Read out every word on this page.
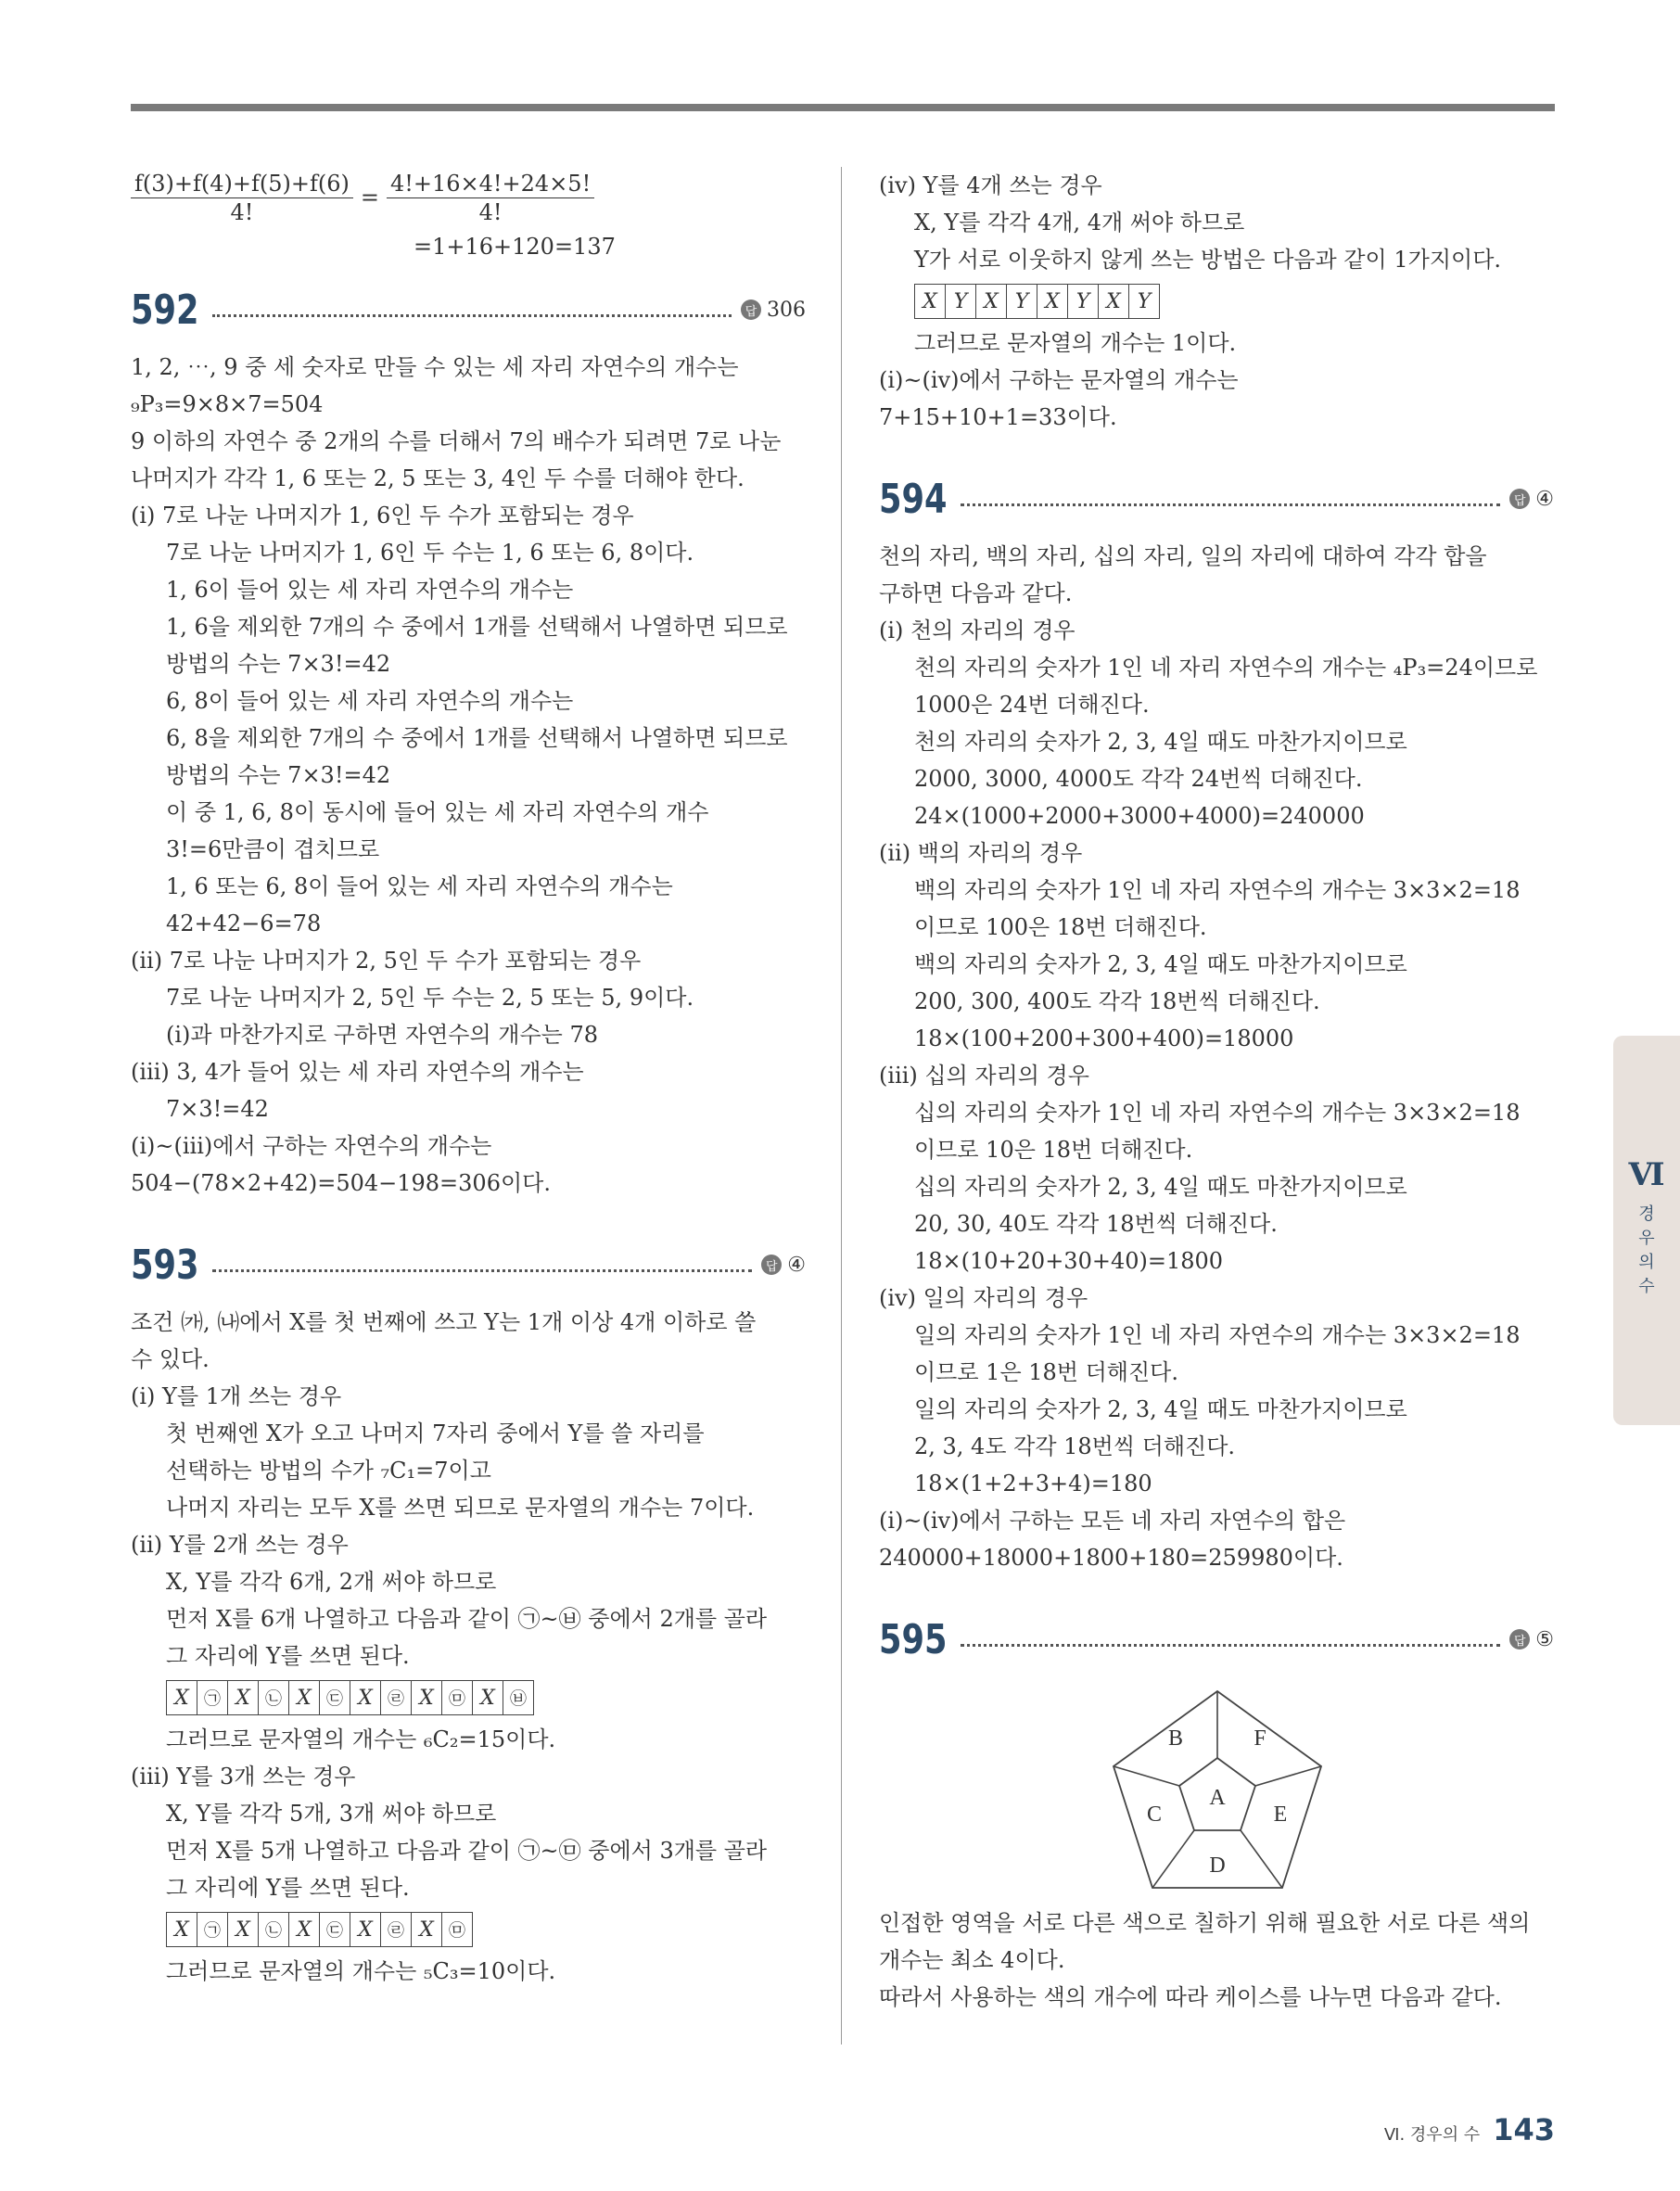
$\frac{f(3)+f(4)+f(5)+f(6)}{4!} = \frac{4!+16\times 4!+24\times 5!}{4!}$
=1+16+120=137
592	답 306
1, 2, ⋯, 9 중 세 숫자로 만들 수 있는 세 자리 자연수의 개수는
₉P₃=9×8×7=504
9 이하의 자연수 중 2개의 수를 더해서 7의 배수가 되려면 7로 나눈
나머지가 각각 1, 6 또는 2, 5 또는 3, 4인 두 수를 더해야 한다.
(ⅰ) 7로 나눈 나머지가 1, 6인 두 수가 포함되는 경우
7로 나눈 나머지가 1, 6인 두 수는 1, 6 또는 6, 8이다.
1, 6이 들어 있는 세 자리 자연수의 개수는
1, 6을 제외한 7개의 수 중에서 1개를 선택해서 나열하면 되므로
방법의 수는 7×3!=42
6, 8이 들어 있는 세 자리 자연수의 개수는
6, 8을 제외한 7개의 수 중에서 1개를 선택해서 나열하면 되므로
방법의 수는 7×3!=42
이 중 1, 6, 8이 동시에 들어 있는 세 자리 자연수의 개수
3!=6만큼이 겹치므로
1, 6 또는 6, 8이 들어 있는 세 자리 자연수의 개수는
42+42−6=78
(ⅱ) 7로 나눈 나머지가 2, 5인 두 수가 포함되는 경우
7로 나눈 나머지가 2, 5인 두 수는 2, 5 또는 5, 9이다.
(ⅰ)과 마찬가지로 구하면 자연수의 개수는 78
(ⅲ) 3, 4가 들어 있는 세 자리 자연수의 개수는
7×3!=42
(ⅰ)~(ⅲ)에서 구하는 자연수의 개수는
504−(78×2+42)=504−198=306이다.
593	답 ④
조건 ㈎, ㈏에서 X를 첫 번째에 쓰고 Y는 1개 이상 4개 이하로 쓸
수 있다.
(ⅰ) Y를 1개 쓰는 경우
첫 번째엔 X가 오고 나머지 7자리 중에서 Y를 쓸 자리를
선택하는 방법의 수가 ₇C₁=7이고
나머지 자리는 모두 X를 쓰면 되므로 문자열의 개수는 7이다.
(ⅱ) Y를 2개 쓰는 경우
X, Y를 각각 6개, 2개 써야 하므로
먼저 X를 6개 나열하고 다음과 같이 ㉠~㉥ 중에서 2개를 골라
그 자리에 Y를 쓰면 된다.
X ㉠ X ㉡ X ㉢ X ㉣ X ㉤ X ㉥
그러므로 문자열의 개수는 ₆C₂=15이다.
(ⅲ) Y를 3개 쓰는 경우
X, Y를 각각 5개, 3개 써야 하므로
먼저 X를 5개 나열하고 다음과 같이 ㉠~㉤ 중에서 3개를 골라
그 자리에 Y를 쓰면 된다.
X ㉠ X ㉡ X ㉢ X ㉣ X ㉤
그러므로 문자열의 개수는 ₅C₃=10이다.
(ⅳ) Y를 4개 쓰는 경우
X, Y를 각각 4개, 4개 써야 하므로
Y가 서로 이웃하지 않게 쓰는 방법은 다음과 같이 1가지이다.
X Y X Y X Y X Y
그러므로 문자열의 개수는 1이다.
(ⅰ)~(ⅳ)에서 구하는 문자열의 개수는
7+15+10+1=33이다.
594	답 ④
천의 자리, 백의 자리, 십의 자리, 일의 자리에 대하여 각각 합을
구하면 다음과 같다.
(ⅰ) 천의 자리의 경우
천의 자리의 숫자가 1인 네 자리 자연수의 개수는 ₄P₃=24이므로
1000은 24번 더해진다.
천의 자리의 숫자가 2, 3, 4일 때도 마찬가지이므로
2000, 3000, 4000도 각각 24번씩 더해진다.
24×(1000+2000+3000+4000)=240000
(ⅱ) 백의 자리의 경우
백의 자리의 숫자가 1인 네 자리 자연수의 개수는 3×3×2=18
이므로 100은 18번 더해진다.
백의 자리의 숫자가 2, 3, 4일 때도 마찬가지이므로
200, 300, 400도 각각 18번씩 더해진다.
18×(100+200+300+400)=18000
(ⅲ) 십의 자리의 경우
십의 자리의 숫자가 1인 네 자리 자연수의 개수는 3×3×2=18
이므로 10은 18번 더해진다.
십의 자리의 숫자가 2, 3, 4일 때도 마찬가지이므로
20, 30, 40도 각각 18번씩 더해진다.
18×(10+20+30+40)=1800
(ⅳ) 일의 자리의 경우
일의 자리의 숫자가 1인 네 자리 자연수의 개수는 3×3×2=18
이므로 1은 18번 더해진다.
일의 자리의 숫자가 2, 3, 4일 때도 마찬가지이므로
2, 3, 4도 각각 18번씩 더해진다.
18×(1+2+3+4)=180
(ⅰ)~(ⅳ)에서 구하는 모든 네 자리 자연수의 합은
240000+18000+1800+180=259980이다.
595	답 ⑤
A
B	F
C	E
D
인접한 영역을 서로 다른 색으로 칠하기 위해 필요한 서로 다른 색의
개수는 최소 4이다.
따라서 사용하는 색의 개수에 따라 케이스를 나누면 다음과 같다.
Ⅵ
경
우
의
수
Ⅵ. 경우의 수 143
